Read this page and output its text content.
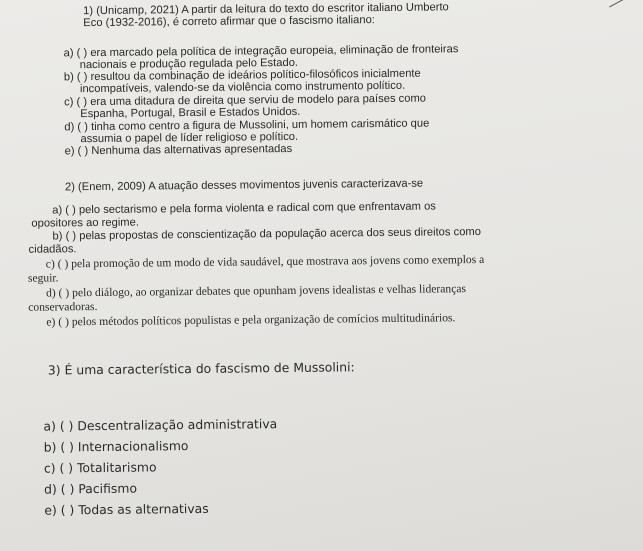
1) (Unicamp, 2021) A partir da leitura do texto do escritor italiano Umberto
Eco (1932-2016), é correto afirmar que o fascismo italiano:
a) ( ) era marcado pela política de integração europeia, eliminação de fronteiras
nacionais e produção regulada pelo Estado.
b) ( ) resultou da combinação de ideários político-filosóficos inicialmente
incompatíveis, valendo-se da violência como instrumento político.
c) ( ) era uma ditadura de direita que serviu de modelo para países como
Espanha, Portugal, Brasil e Estados Unidos.
d) ( ) tinha como centro a figura de Mussolini, um homem carismático que
assumia o papel de líder religioso e político.
e) ( ) Nenhuma das alternativas apresentadas
2) (Enem, 2009) A atuação desses movimentos juvenis caracterizava-se
a) ( ) pelo sectarismo e pela forma violenta e radical com que enfrentavam os
opositores ao regime.
b) ( ) pelas propostas de conscientização da população acerca dos seus direitos como
cidadãos.
c) ( ) pela promoção de um modo de vida saudável, que mostrava aos jovens como exemplos a
seguir.
d) ( ) pelo diálogo, ao organizar debates que opunham jovens idealistas e velhas lideranças
conservadoras.
e) ( ) pelos métodos políticos populistas e pela organização de comícios multitudinários.
3) É uma característica do fascismo de Mussolini:
a) ( ) Descentralização administrativa
b) ( ) Internacionalismo
c) ( ) Totalitarismo
d) ( ) Pacifismo
e) ( ) Todas as alternativas
